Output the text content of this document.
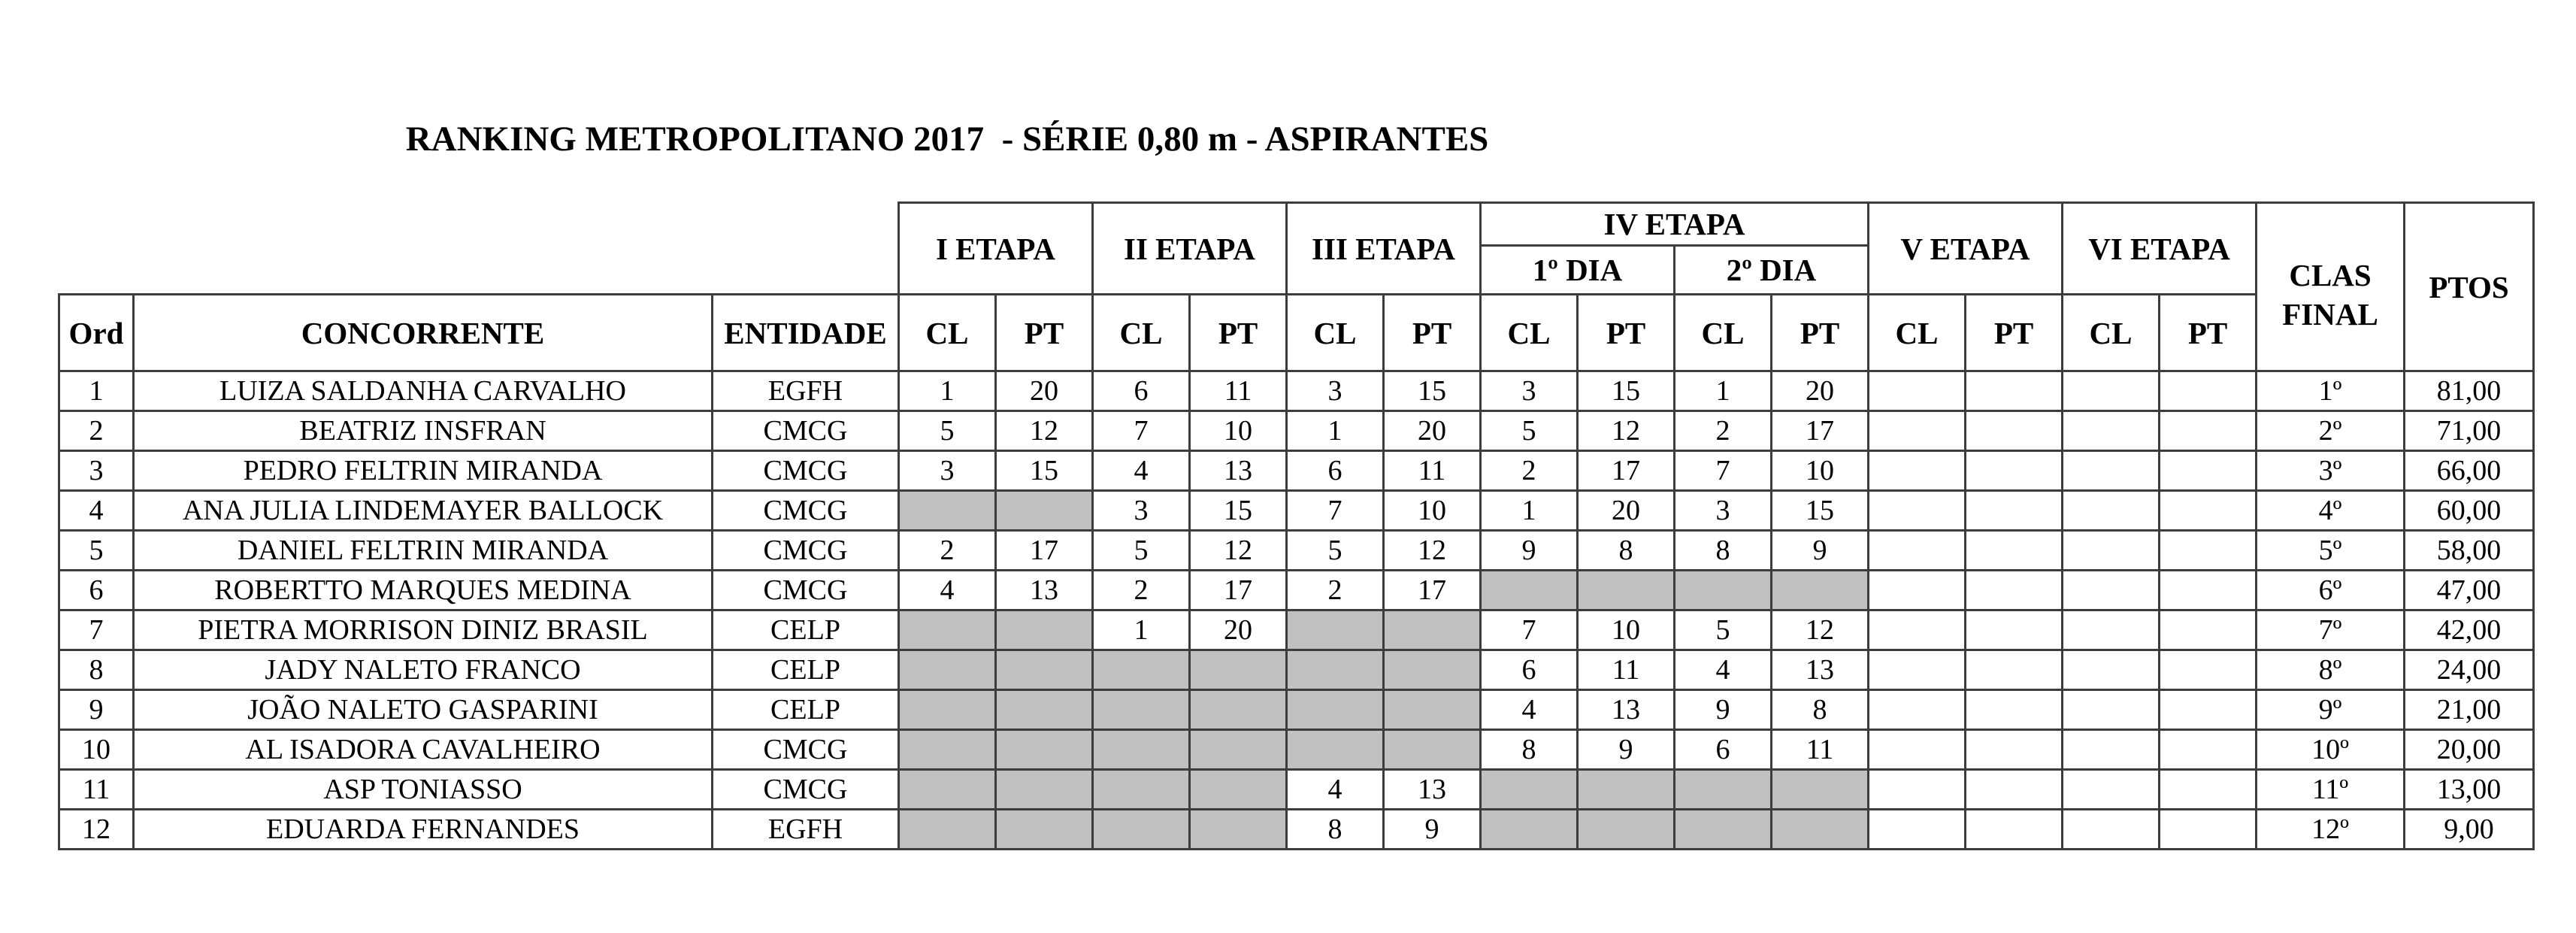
RANKING METROPOLITANO 2017  - SÉRIE 0,80 m - ASPIRANTES
			I ETAPA		II ETAPA		III ETAPA		IV ETAPA				V ETAPA		VI ETAPA		CLAS FINAL	PTOS
									1º DIA		2º DIA							
Ord	CONCORRENTE	ENTIDADE	CL	PT	CL	PT	CL	PT	CL	PT	CL	PT	CL	PT	CL	PT		
1	LUIZA SALDANHA CARVALHO	EGFH	1	20	6	11	3	15	3	15	1	20					1º	81,00
2	BEATRIZ INSFRAN	CMCG	5	12	7	10	1	20	5	12	2	17					2º	71,00
3	PEDRO FELTRIN MIRANDA	CMCG	3	15	4	13	6	11	2	17	7	10					3º	66,00
4	ANA JULIA LINDEMAYER BALLOCK	CMCG			3	15	7	10	1	20	3	15					4º	60,00
5	DANIEL FELTRIN MIRANDA	CMCG	2	17	5	12	5	12	9	8	8	9					5º	58,00
6	ROBERTTO MARQUES MEDINA	CMCG	4	13	2	17	2	17									6º	47,00
7	PIETRA MORRISON DINIZ BRASIL	CELP			1	20			7	10	5	12					7º	42,00
8	JADY NALETO FRANCO	CELP							6	11	4	13					8º	24,00
9	JOÃO NALETO GASPARINI	CELP							4	13	9	8					9º	21,00
10	AL ISADORA CAVALHEIRO	CMCG							8	9	6	11					10º	20,00
11	ASP TONIASSO	CMCG					4	13									11º	13,00
12	EDUARDA FERNANDES	EGFH					8	9									12º	9,00
